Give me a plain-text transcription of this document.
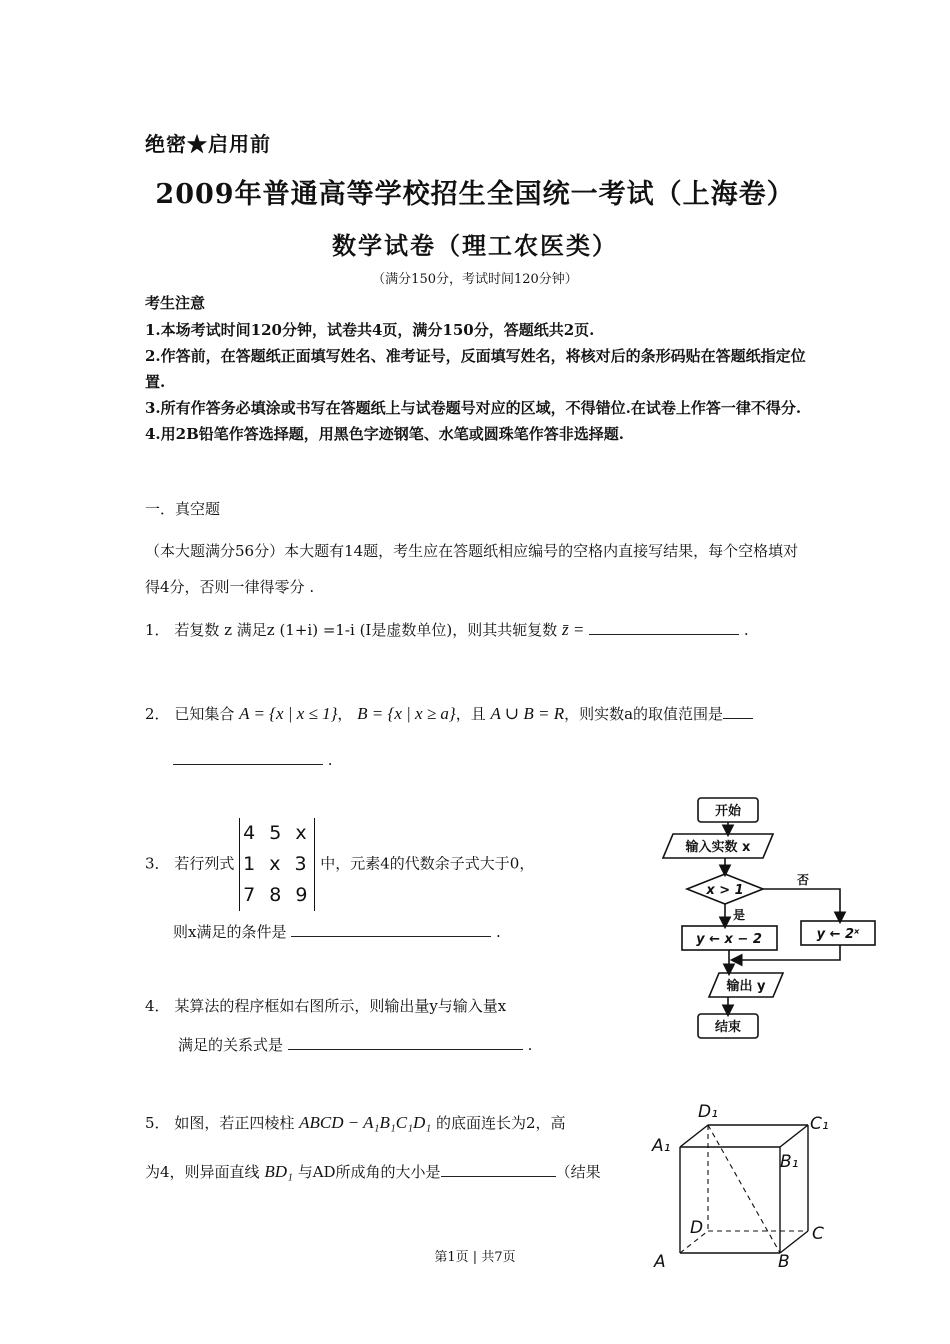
绝密★启用前
2009年普通高等学校招生全国统一考试（上海卷）
数学试卷（理工农医类）
（满分150分，考试时间120分钟）
考生注意
1.本场考试时间120分钟，试卷共4页，满分150分，答题纸共2页.
2.作答前，在答题纸正面填写姓名、准考证号，反面填写姓名，将核对后的条形码贴在答题纸指定位置.
3.所有作答务必填涂或书写在答题纸上与试卷题号对应的区域，不得错位.在试卷上作答一律不得分.
4.用2B铅笔作答选择题，用黑色字迹钢笔、水笔或圆珠笔作答非选择题.
一．真空题
（本大题满分56分）本大题有14题，考生应在答题纸相应编号的空格内直接写结果，每个空格填对得4分，否则一律得零分 .
1． 若复数 z 满足z (1+i) =1-i (I是虚数单位)，则其共轭复数 z̄ =	.
2． 已知集合 A = {x | x ≤ 1}， B = {x | x ≥ a}，且 A ∪ B = R，则实数a的取值范围是
.
3． 若行列式
4 5 x
1 x 3
7 8 9
中，元素4的代数余子式大于0，
则x满足的条件是	.
4． 某算法的程序框如右图所示，则输出量y与输入量x
满足的关系式是	.
5． 如图，若正四棱柱 ABCD − A₁B₁C₁D₁ 的底面连长为2，高
为4，则异面直线 BD₁ 与AD所成角的大小是	（结果
开始
输入实数 x
x > 1
是
否
y ← x − 2	y ← 2ˣ
输出 y
结束
D₁
C₁
A₁
B₁
D	C
A	B
第1页 | 共7页
